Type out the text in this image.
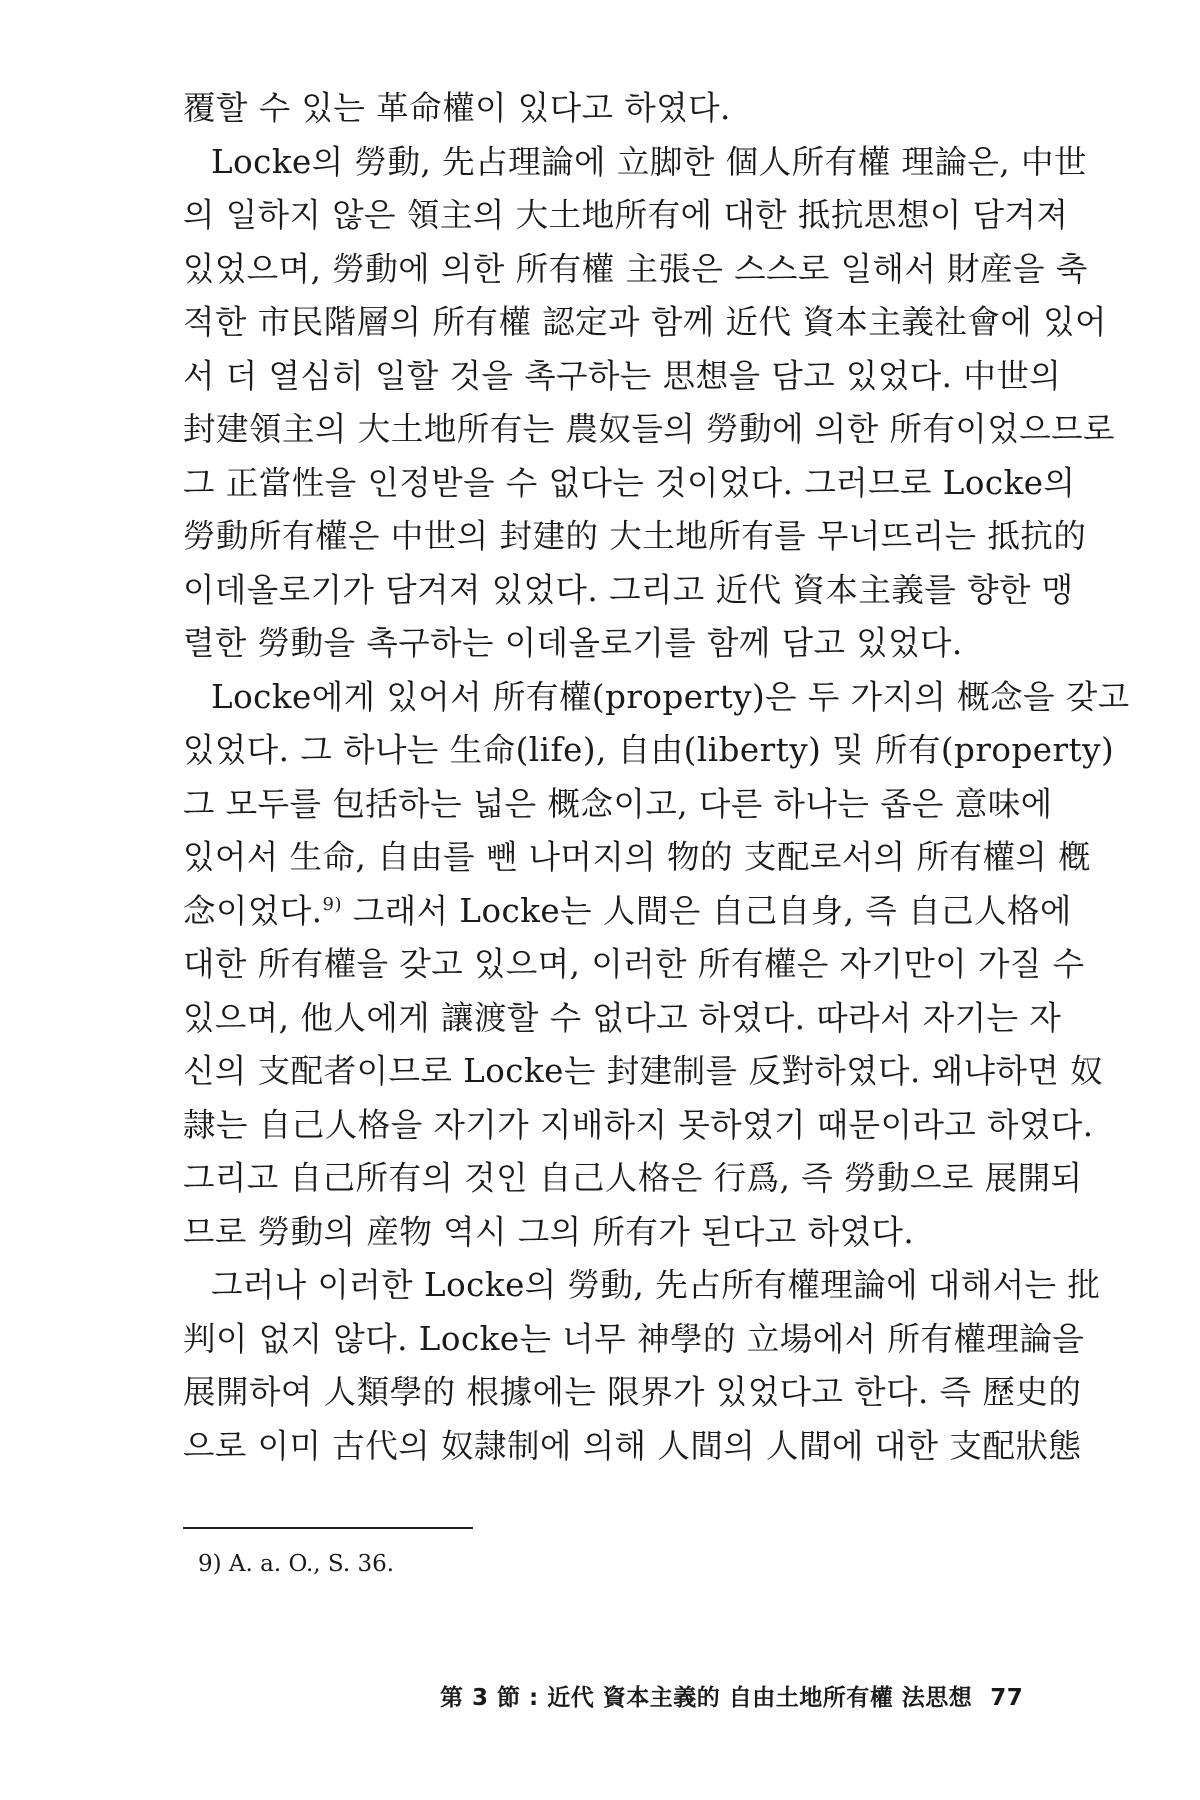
覆할 수 있는 革命權이 있다고 하였다.
Locke의 勞動, 先占理論에 立脚한 個人所有權 理論은, 中世
의 일하지 않은 領主의 大土地所有에 대한 抵抗思想이 담겨져
있었으며, 勞動에 의한 所有權 主張은 스스로 일해서 財産을 축
적한 市民階層의 所有權 認定과 함께 近代 資本主義社會에 있어
서 더 열심히 일할 것을 촉구하는 思想을 담고 있었다. 中世의
封建領主의 大土地所有는 農奴들의 勞動에 의한 所有이었으므로
그 正當性을 인정받을 수 없다는 것이었다. 그러므로 Locke의
勞動所有權은 中世의 封建的 大土地所有를 무너뜨리는 抵抗的
이데올로기가 담겨져 있었다. 그리고 近代 資本主義를 향한 맹
렬한 勞動을 촉구하는 이데올로기를 함께 담고 있었다.
Locke에게 있어서 所有權(property)은 두 가지의 概念을 갖고
있었다. 그 하나는 生命(life), 自由(liberty) 및 所有(property)
그 모두를 包括하는 넓은 概念이고, 다른 하나는 좁은 意味에
있어서 生命, 自由를 뺀 나머지의 物的 支配로서의 所有權의 槪
念이었다.$^{9)}$ 그래서 Locke는 人間은 自己自身, 즉 自己人格에
대한 所有權을 갖고 있으며, 이러한 所有權은 자기만이 가질 수
있으며, 他人에게 讓渡할 수 없다고 하였다. 따라서 자기는 자
신의 支配者이므로 Locke는 封建制를 反對하였다. 왜냐하면 奴
隷는 自己人格을 자기가 지배하지 못하였기 때문이라고 하였다.
그리고 自己所有의 것인 自己人格은 行爲, 즉 勞動으로 展開되
므로 勞動의 産物 역시 그의 所有가 된다고 하였다.
그러나 이러한 Locke의 勞動, 先占所有權理論에 대해서는 批
判이 없지 않다. Locke는 너무 神學的 立場에서 所有權理論을
展開하여 人類學的 根據에는 限界가 있었다고 한다. 즉 歷史的
으로 이미 古代의 奴隷制에 의해 人間의 人間에 대한 支配狀態
9) A. a. O., S. 36.
第 3 節 : 近代 資本主義的 自由土地所有權 法思想 77
